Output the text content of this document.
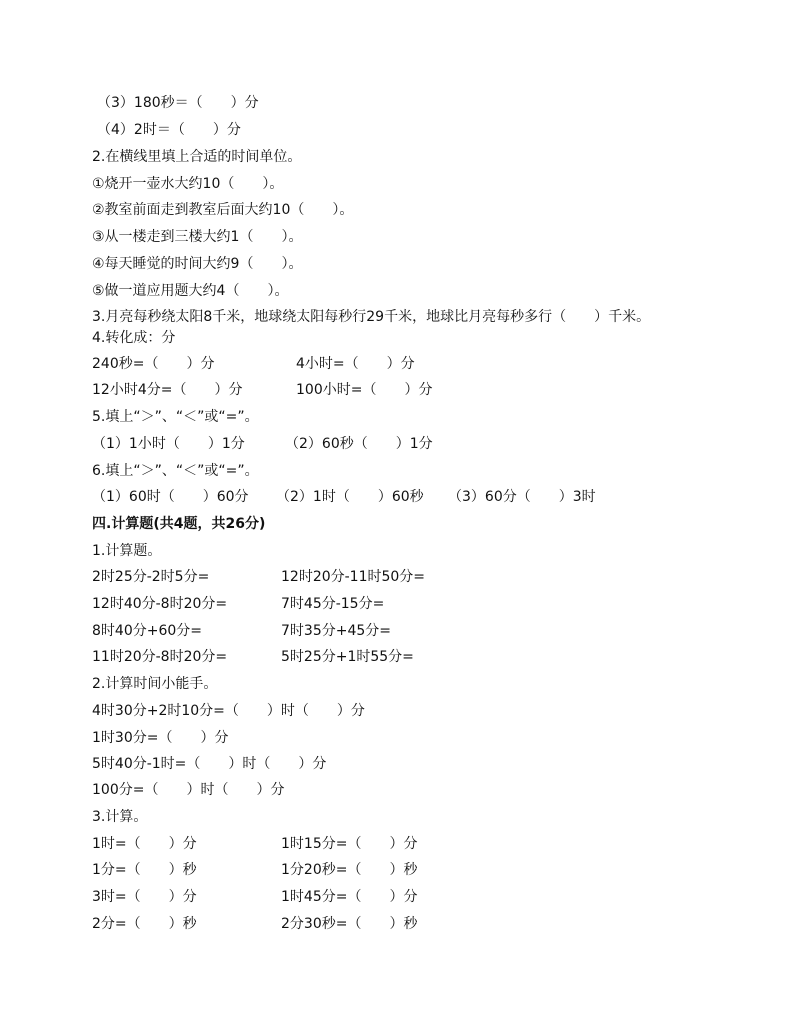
（3）180秒＝（　　）分
（4）2时＝（　　）分
2.在横线里填上合适的时间单位。
①烧开一壶水大约10（　　）。
②教室前面走到教室后面大约10（　　）。
③从一楼走到三楼大约1（　　）。
④每天睡觉的时间大约9（　　）。
⑤做一道应用题大约4（　　）。
3.月亮每秒绕太阳8千米，地球绕太阳每秒行29千米，地球比月亮每秒多行（　　）千米。
4.转化成：分
240秒=（　　）分	4小时=（　　）分
12小时4分=（　　）分	100小时=（　　）分
5.填上“＞”、“＜”或“=”。
（1）1小时（　　）1分	（2）60秒（　　）1分
6.填上“＞”、“＜”或“=”。
（1）60时（　　）60分 （2）1时（　　）60秒 （3）60分（　　）3时
四.计算题(共4题，共26分)
1.计算题。
2时25分-2时5分=	12时20分-11时50分=
12时40分-8时20分=	7时45分-15分=
8时40分+60分=	7时35分+45分=
11时20分-8时20分=	5时25分+1时55分=
2.计算时间小能手。
4时30分+2时10分=（　　）时（　　）分
1时30分=（　　）分
5时40分-1时=（　　）时（　　）分
100分=（　　）时（　　）分
3.计算。
1时=（　　）分	1时15分=（　　）分
1分=（　　）秒	1分20秒=（　　）秒
3时=（　　）分	1时45分=（　　）分
2分=（　　）秒	2分30秒=（　　）秒
